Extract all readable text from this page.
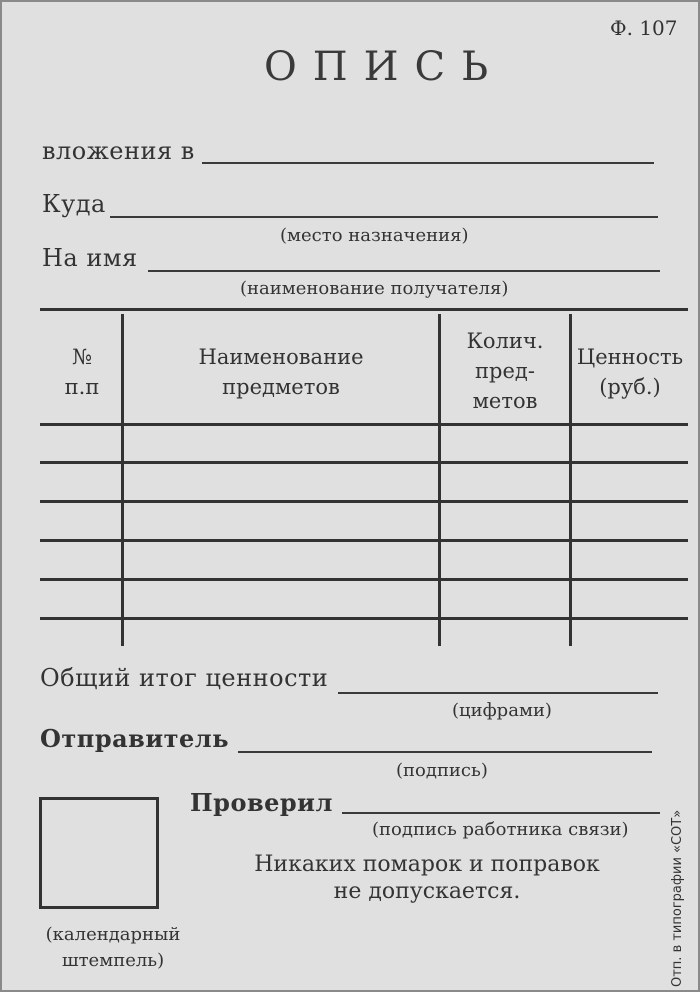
Ф. 107
ОПИСЬ
вложения в
Куда
(место назначения)
На имя
(наименование получателя)
№
п.п
Наименование
предметов
Колич.
пред-
метов
Ценность
(руб.)
Общий итог ценности
(цифрами)
Отправитель
(подпись)
Проверил
(подпись работника связи)
Никаких помарок и поправок
не допускается.
(календарный
штемпель)	Отп. в типографии «СОТ»
